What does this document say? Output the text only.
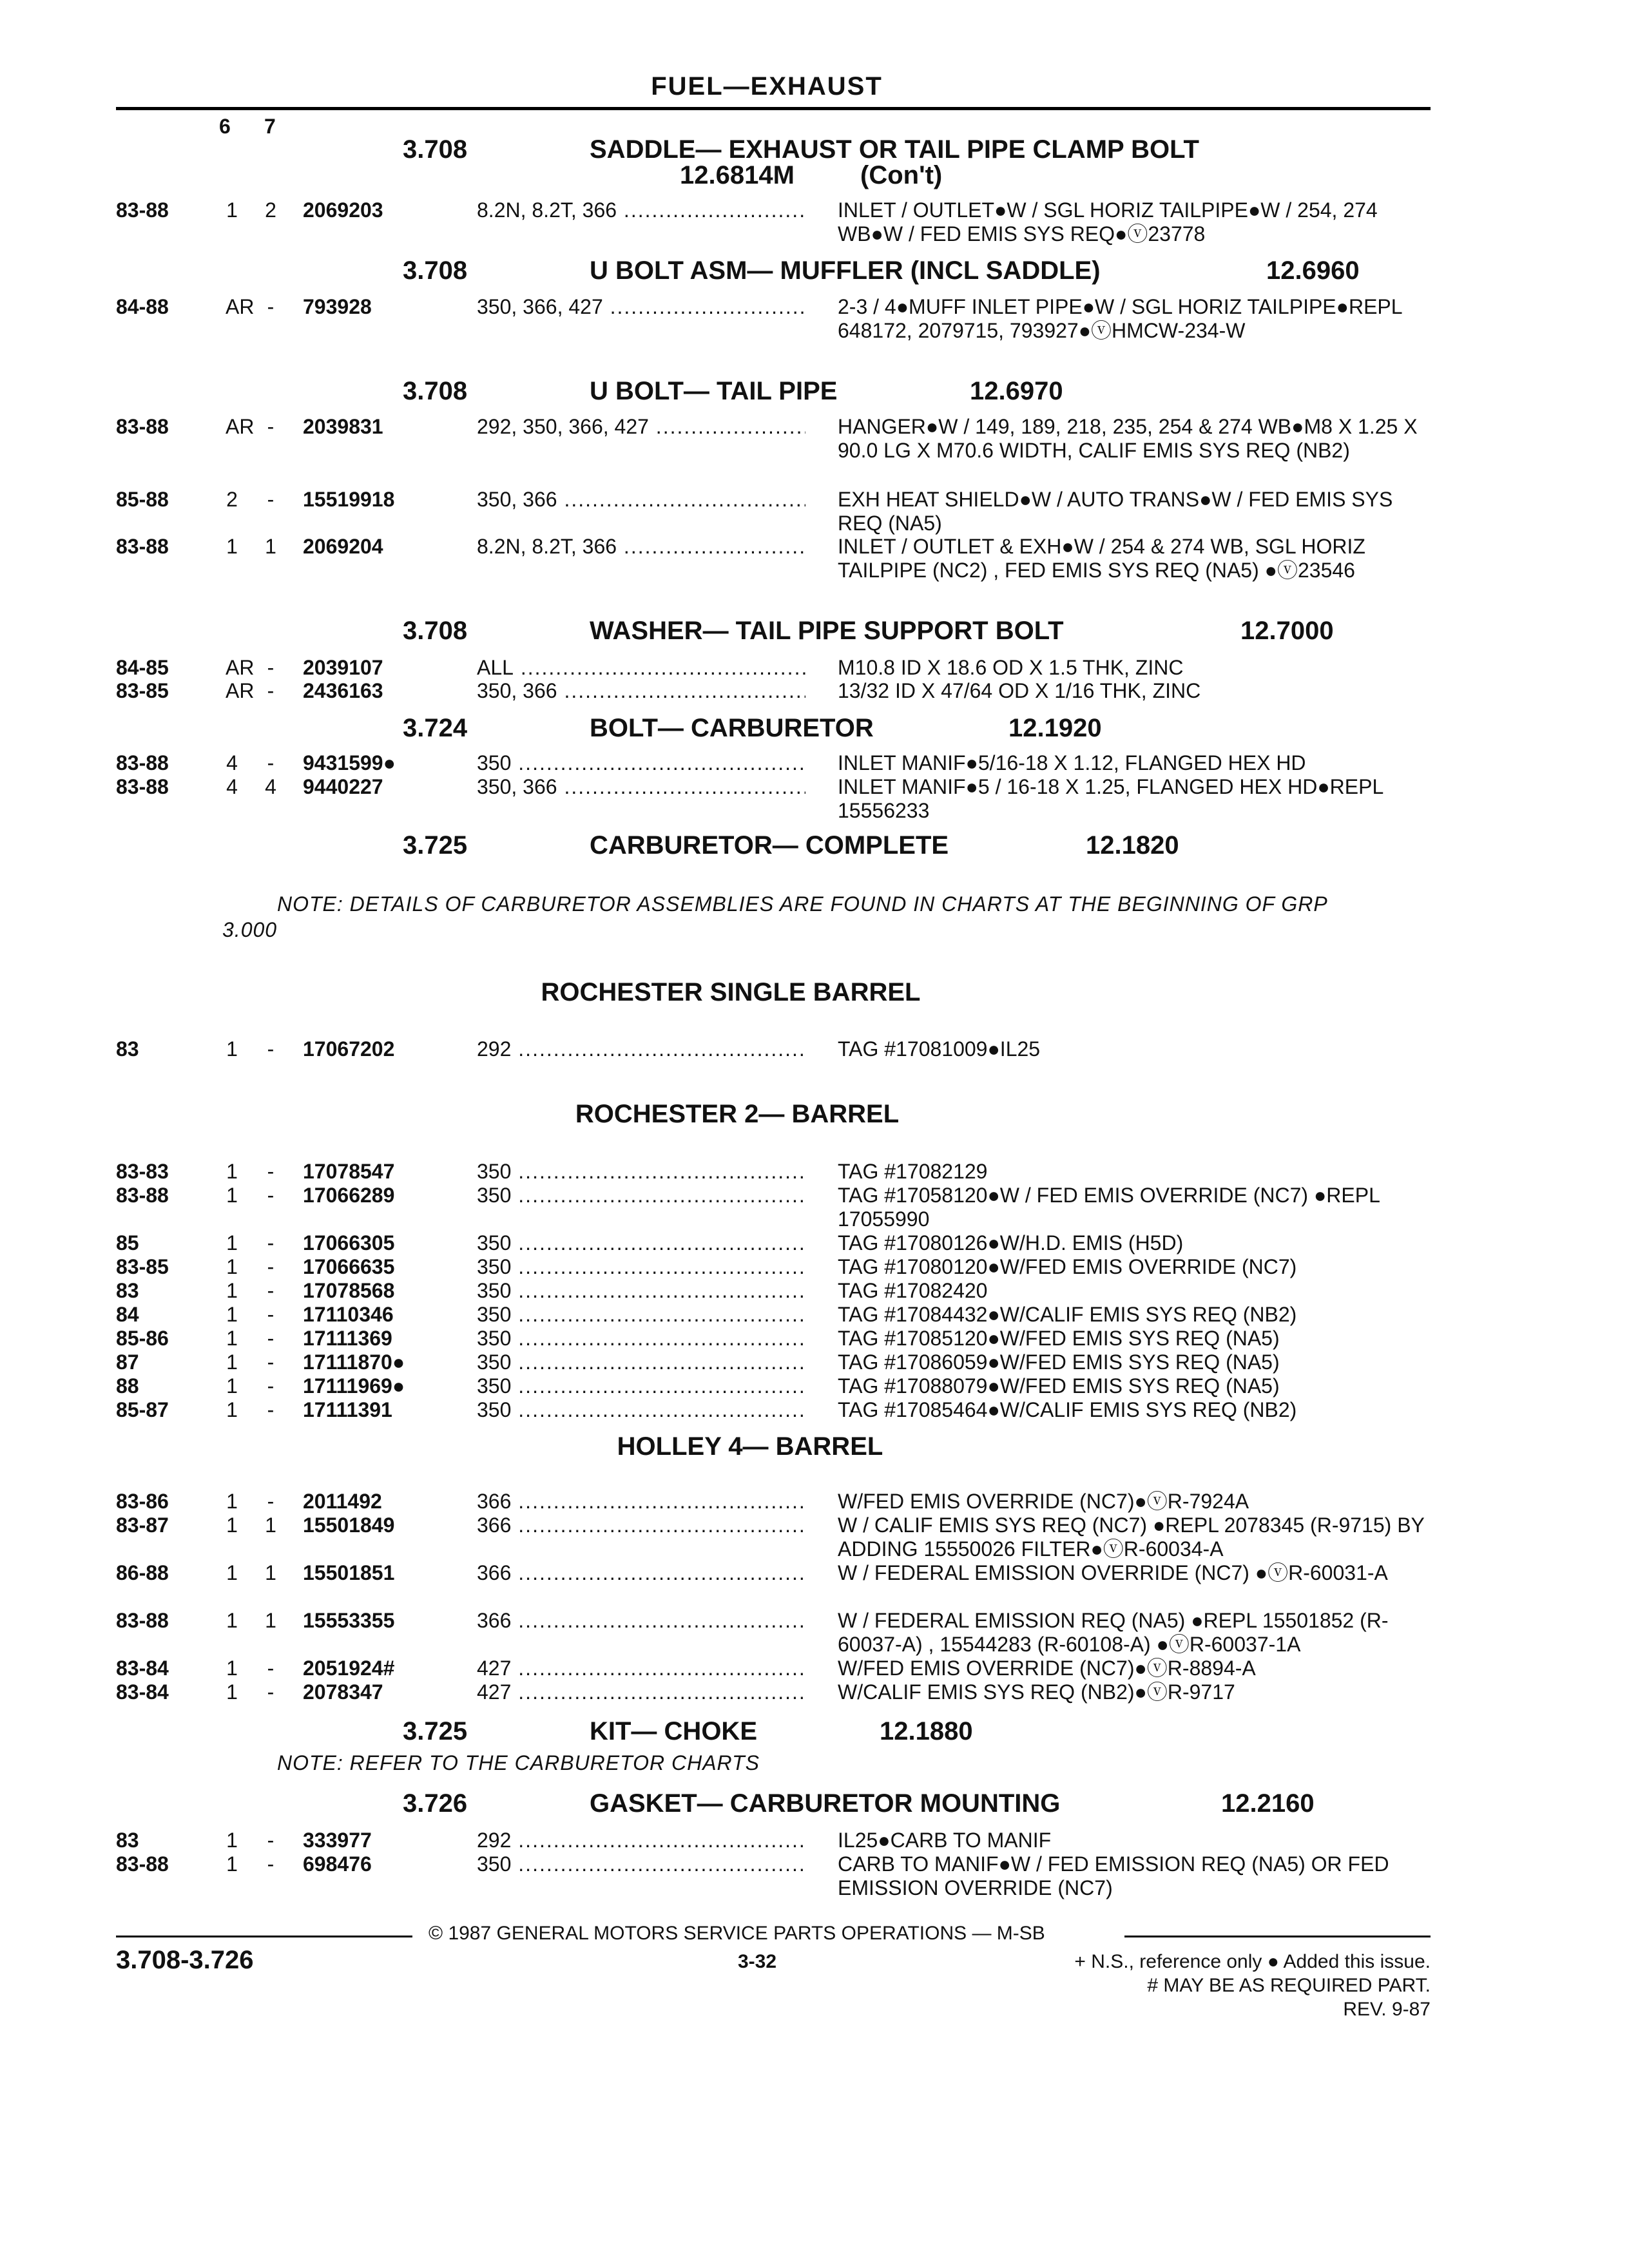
FUEL—EXHAUST
6 7
3.708	SADDLE— EXHAUST OR TAIL PIPE CLAMP BOLT
12.6814M	(Con't)
83-88	1 2 2069203	8.2N, 8.2T, 366 .....	INLET / OUTLET●W / SGL HORIZ TAILPIPE●W / 254, 274 WB●W / FED EMIS SYS REQ●ⓥ23778
3.708	U BOLT ASM— MUFFLER (INCL SADDLE)	12.6960
84-88	AR - 793928	350, 366, 427 .....	2-3 / 4●MUFF INLET PIPE●W / SGL HORIZ TAILPIPE●REPL 648172, 2079715, 793927●ⓥHMCW-234-W
3.708	U BOLT— TAIL PIPE	12.6970
83-88	AR - 2039831	292, 350, 366, 427 .....	HANGER●W / 149, 189, 218, 235, 254 & 274 WB●M8 X 1.25 X 90.0 LG X M70.6 WIDTH, CALIF EMIS SYS REQ (NB2)
85-88	2 - 15519918	350, 366 .....	EXH HEAT SHIELD●W / AUTO TRANS●W / FED EMIS SYS REQ (NA5)
83-88	1 1 2069204	8.2N, 8.2T, 366 .....	INLET / OUTLET & EXH●W / 254 & 274 WB, SGL HORIZ TAILPIPE (NC2) , FED EMIS SYS REQ (NA5) ●ⓥ23546
3.708	WASHER— TAIL PIPE SUPPORT BOLT	12.7000
84-85	AR - 2039107	ALL .....	M10.8 ID X 18.6 OD X 1.5 THK, ZINC
83-85	AR - 2436163	350, 366 .....	13/32 ID X 47/64 OD X 1/16 THK, ZINC
3.724	BOLT— CARBURETOR	12.1920
83-88	4 - 9431599●	350 .....	INLET MANIF●5/16-18 X 1.12, FLANGED HEX HD
83-88	4 4 9440227	350, 366 .....	INLET MANIF●5 / 16-18 X 1.25, FLANGED HEX HD●REPL 15556233
3.725	CARBURETOR— COMPLETE	12.1820
NOTE: DETAILS OF CARBURETOR ASSEMBLIES ARE FOUND IN CHARTS AT THE BEGINNING OF GRP
3.000
ROCHESTER SINGLE BARREL
83	1 - 17067202	292 .....	TAG #17081009●IL25
ROCHESTER 2— BARREL
83-83	1 - 17078547	350 .....	TAG #17082129
83-88	1 - 17066289	350 .....	TAG #17058120●W / FED EMIS OVERRIDE (NC7) ●REPL 17055990
85	1 - 17066305	350 .....	TAG #17080126●W/H.D. EMIS (H5D)
83-85	1 - 17066635	350 .....	TAG #17080120●W/FED EMIS OVERRIDE (NC7)
83	1 - 17078568	350 .....	TAG #17082420
84	1 - 17110346	350 .....	TAG #17084432●W/CALIF EMIS SYS REQ (NB2)
85-86	1 - 17111369	350 .....	TAG #17085120●W/FED EMIS SYS REQ (NA5)
87	1 - 17111870●	350 .....	TAG #17086059●W/FED EMIS SYS REQ (NA5)
88	1 - 17111969●	350 .....	TAG #17088079●W/FED EMIS SYS REQ (NA5)
85-87	1 - 17111391	350 .....	TAG #17085464●W/CALIF EMIS SYS REQ (NB2)
HOLLEY 4— BARREL
83-86	1 - 2011492	366 .....	W/FED EMIS OVERRIDE (NC7)●ⓥR-7924A
83-87	1 1 15501849	366 .....	W / CALIF EMIS SYS REQ (NC7) ●REPL 2078345 (R-9715) BY ADDING 15550026 FILTER●ⓥR-60034-A
86-88	1 1 15501851	366 .....	W / FEDERAL EMISSION OVERRIDE (NC7) ●ⓥR-60031-A
83-88	1 1 15553355	366 .....	W / FEDERAL EMISSION REQ (NA5) ●REPL 15501852 (R-60037-A) , 15544283 (R-60108-A) ●ⓥR-60037-1A
83-84	1 - 2051924#	427 .....	W/FED EMIS OVERRIDE (NC7)●ⓥR-8894-A
83-84	1 - 2078347	427 .....	W/CALIF EMIS SYS REQ (NB2)●ⓥR-9717
3.725	KIT— CHOKE	12.1880
NOTE: REFER TO THE CARBURETOR CHARTS
3.726	GASKET— CARBURETOR MOUNTING	12.2160
83	1 - 333977	292 .....	IL25●CARB TO MANIF
83-88	1 - 698476	350 .....	CARB TO MANIF●W / FED EMISSION REQ (NA5) OR FED EMISSION OVERRIDE (NC7)
© 1987 GENERAL MOTORS SERVICE PARTS OPERATIONS — M-SB
3.708-3.726	3-32	+ N.S., reference only ● Added this issue.
# MAY BE AS REQUIRED PART.
REV. 9-87
